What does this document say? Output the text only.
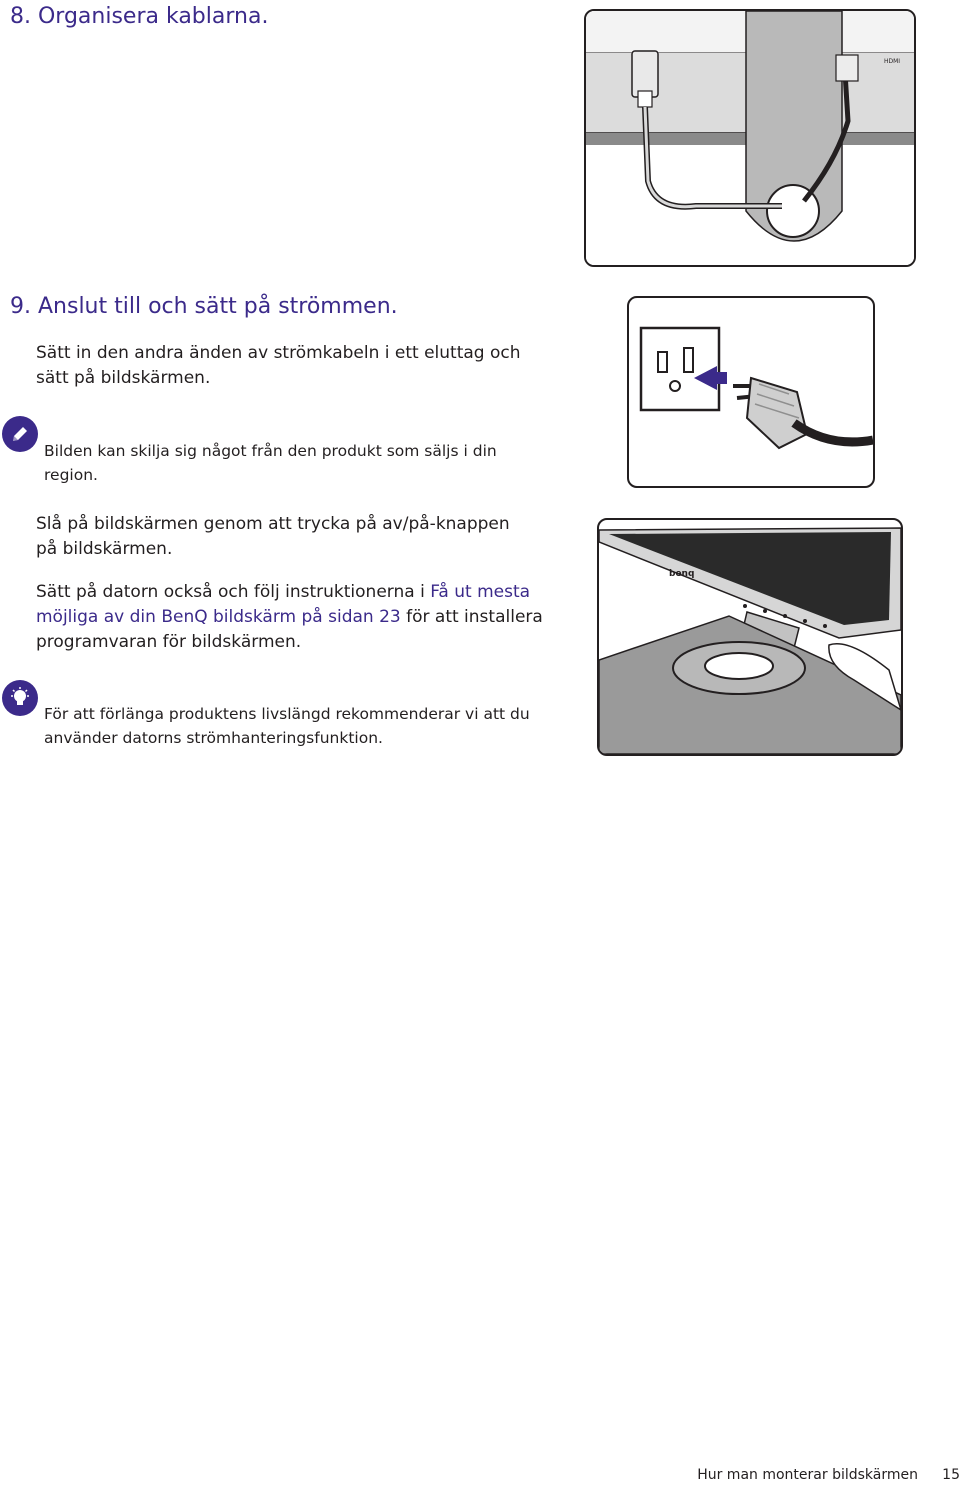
8. Organisera kablarna.
HDMI
9. Anslut till och sätt på strömmen.

Sätt in den andra änden av strömkabeln i ett eluttag och sätt på bildskärmen.

Bilden kan skilja sig något från den produkt som säljs i din region.

Slå på bildskärmen genom att trycka på av/på-knappen på bildskärmen.

Sätt på datorn också och följ instruktionerna i Få ut mesta möjliga av din BenQ bildskärm på sidan 23 för att installera programvaran för bildskärmen.

För att förlänga produktens livslängd rekommenderar vi att du använder datorns strömhanteringsfunktion.

benq
Hur man monterar bildskärmen 15
